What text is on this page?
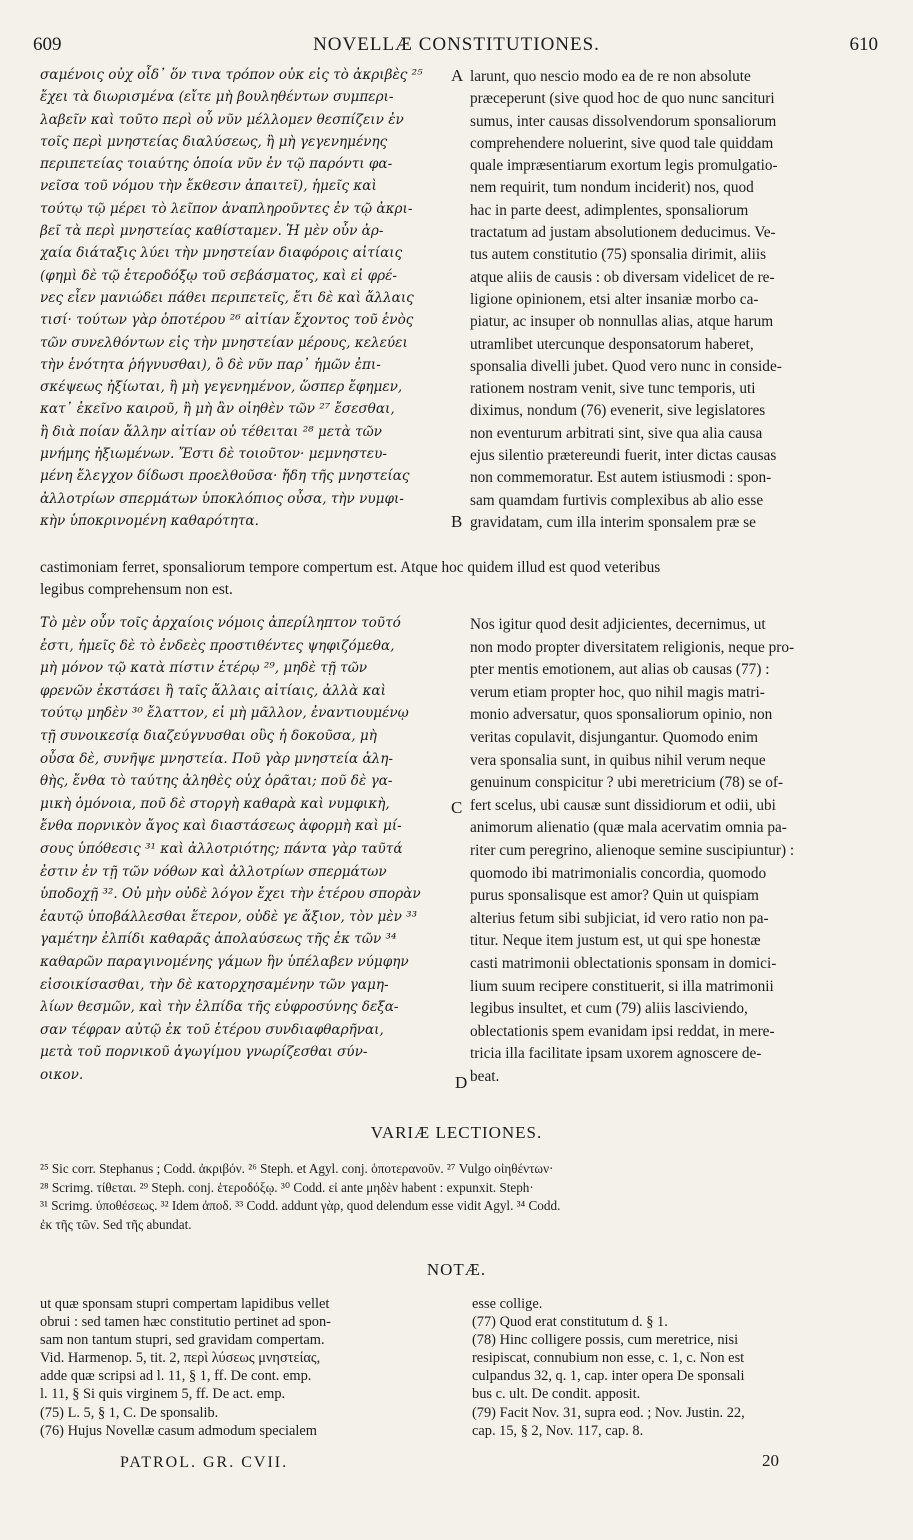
609	NOVELLÆ CONSTITUTIONES.	610
A
B
C
D
σαμένοις οὐχ οἶδ᾽ ὅν τινα τρόπον οὐκ εἰς τὸ ἀκριβὲς ²⁵
ἔχει τὰ διωρισμένα (εἴτε μὴ βουληθέντων συμπερι-
λαβεῖν καὶ τοῦτο περὶ οὗ νῦν μέλλομεν θεσπίζειν ἐν
τοῖς περὶ μνηστείας διαλύσεως, ἢ μὴ γεγενημένης
περιπετείας τοιαύτης ὁποία νῦν ἐν τῷ παρόντι φα-
νεῖσα τοῦ νόμου τὴν ἔκθεσιν ἀπαιτεῖ), ἡμεῖς καὶ
τούτῳ τῷ μέρει τὸ λεῖπον ἀναπληροῦντες ἐν τῷ ἀκρι-
βεῖ τὰ περὶ μνηστείας καθίσταμεν. Ἡ μὲν οὖν ἀρ-
χαία διάταξις λύει τὴν μνηστείαν διαφόροις αἰτίαις
(φημὶ δὲ τῷ ἑτεροδόξῳ τοῦ σεβάσματος, καὶ εἰ φρέ-
νες εἶεν μανιώδει πάθει περιπετεῖς, ἔτι δὲ καὶ ἄλλαις
τισί· τούτων γὰρ ὁποτέρου ²⁶ αἰτίαν ἔχοντος τοῦ ἑνὸς
τῶν συνελθόντων εἰς τὴν μνηστείαν μέρους, κελεύει
τὴν ἑνότητα ῥήγνυσθαι), ὃ δὲ νῦν παρ᾽ ἡμῶν ἐπι-
σκέψεως ἠξίωται, ἢ μὴ γεγενημένον, ὥσπερ ἔφημεν,
κατ᾽ ἐκεῖνο καιροῦ, ἢ μὴ ἂν οἰηθὲν τῶν ²⁷ ἔσεσθαι,
ἢ διὰ ποίαν ἄλλην αἰτίαν οὐ τέθειται ²⁸ μετὰ τῶν
μνήμης ἠξιωμένων. Ἔστι δὲ τοιοῦτον· μεμνηστευ-
μένη ἔλεγχον δίδωσι προελθοῦσα· ἤδη τῆς μνηστείας
ἀλλοτρίων σπερμάτων ὑποκλόπιος οὖσα, τὴν νυμφι-
κὴν ὑποκρινομένη καθαρότητα.
larunt, quo nescio modo ea de re non absolute
præceperunt (sive quod hoc de quo nunc sanciturі
sumus, inter causas dissolvendorum sponsaliorum
comprehendere noluerint, sive quod tale quiddam
quale impræsentiarum exortum legis promulgatio-
nem requirit, tum nondum inciderit) nos, quod
hac in parte deest, adimplentes, sponsaliorum
tractatum ad justam absolutionem deducimus. Ve-
tus autem constitutio (75) sponsalia dirimit, aliis
atque aliis de causis : ob diversam videlicet de re-
ligione opinionem, etsi alter insaniæ morbo ca-
piatur, ac insuper ob nonnullas alias, atque harum
utramlibet utercunque desponsatorum haberet,
sponsalia divelli jubet. Quod vero nunc in conside-
rationem nostram venit, sive tunc temporis, uti
diximus, nondum (76) evenerit, sive legislatores
non eventurum arbitrati sint, sive qua alia causa
ejus silentio prætereundi fuerit, inter dictas causas
non commemoratur. Est autem istiusmodi : spon-
sam quamdam furtivis complexibus ab alio esse
gravidatam, cum illa interim sponsalem præ se
castimoniam ferret, sponsaliorum tempore compertum est. Atque hoc quidem illud est quod veteribus
legibus comprehensum non est.
Τὸ μὲν οὖν τοῖς ἀρχαίοις νόμοις ἀπερίληπτον τοῦτό
ἐστι, ἡμεῖς δὲ τὸ ἐνδεὲς προστιθέντες ψηφιζόμεθα,
μὴ μόνον τῷ κατὰ πίστιν ἑτέρῳ ²⁹, μηδὲ τῇ τῶν
φρενῶν ἐκστάσει ἢ ταῖς ἄλλαις αἰτίαις, ἀλλὰ καὶ
τούτῳ μηδὲν ³⁰ ἔλαττον, εἰ μὴ μᾶλλον, ἐναντιουμένῳ
τῇ συνοικεσίᾳ διαζεύγνυσθαι οὓς ἡ δοκοῦσα, μὴ
οὖσα δὲ, συνῆψε μνηστεία. Ποῦ γὰρ μνηστεία ἀλη-
θὴς, ἔνθα τὸ ταύτης ἀληθὲς οὐχ ὁρᾶται; ποῦ δὲ γα-
μικὴ ὁμόνοια, ποῦ δὲ στοργὴ καθαρὰ καὶ νυμφικὴ,
ἔνθα πορνικὸν ἄγος καὶ διαστάσεως ἀφορμὴ καὶ μί-
σους ὑπόθεσις ³¹ καὶ ἀλλοτριότης; πάντα γὰρ ταῦτά
ἐστιν ἐν τῇ τῶν νόθων καὶ ἀλλοτρίων σπερμάτων
ὑποδοχῇ ³². Οὐ μὴν οὐδὲ λόγον ἔχει τὴν ἑτέρου σπορὰν
ἑαυτῷ ὑποβάλλεσθαι ἕτερον, οὐδὲ γε ἄξιον, τὸν μὲν ³³
γαμέτην ἐλπίδι καθαρᾶς ἀπολαύσεως τῆς ἐκ τῶν ³⁴
καθαρῶν παραγινομένης γάμων ἣν ὑπέλαβεν νύμφην
εἰσοικίσασθαι, τὴν δὲ κατορχησαμένην τῶν γαμη-
λίων θεσμῶν, καὶ τὴν ἐλπίδα τῆς εὐφροσύνης δεξα-
σαν τέφραν αὐτῷ ἐκ τοῦ ἑτέρου συνδιαφθαρῆναι,
μετὰ τοῦ πορνικοῦ ἀγωγίμου γνωρίζεσθαι σύν-
οικον.
Nos igitur quod desit adjicientes, decernimus, ut
non modo propter diversitatem religionis, neque pro-
pter mentis emotionem, aut alias ob causas (77) :
verum etiam propter hoc, quo nihil magis matri-
monio adversatur, quos sponsaliorum opinio, non
veritas copulavit, disjungantur. Quomodo enim
vera sponsalia sunt, in quibus nihil verum neque
genuinum conspicitur ? ubi meretricium (78) se of-
fert scelus, ubi causæ sunt dissidiorum et odii, ubi
animorum alienatio (quæ mala acervatim omnia pa-
riter cum peregrino, alienoque semine suscipiuntur) :
quomodo ibi matrimonialis concordia, quomodo
purus sponsalisque est amor? Quin ut quispiam
alterius fetum sibi subjiciat, id vero ratio non pa-
titur. Neque item justum est, ut qui spe honestæ
casti matrimonii oblectationis sponsam in domici-
lium suum recipere constituerit, si illa matrimonii
legibus insultet, et cum (79) aliis lasciviendo,
oblectationis spem evanidam ipsi reddat, in mere-
tricia illa facilitate ipsam uxorem agnoscere de-
beat.
VARIÆ LECTIONES.
²⁵ Sic corr. Stephanus ; Codd. ἀκριβόν. ²⁶ Steph. et Agyl. conj. ὁποτερανοῦν. ²⁷ Vulgo οἰηθέντων·
²⁸ Scrimg. τίθεται. ²⁹ Steph. conj. ἑτεροδόξῳ. ³⁰ Codd. εἰ ante μηδὲν habent : expunxit. Steph·
³¹ Scrimg. ὑποθέσεως. ³² Idem ἀποδ. ³³ Codd. addunt γὰρ, quod delendum esse vidit Agyl. ³⁴ Codd.
ἐκ τῆς τῶν. Sed τῆς abundat.
NOTÆ.
ut quæ sponsam stupri compertam lapidibus vellet
obrui : sed tamen hæc constitutio pertinet ad spon-
sam non tantum stupri, sed gravidam compertam.
Vid. Harmenop. 5, tit. 2, περὶ λύσεως μνηστείας,
adde quæ scripsi ad l. 11, § 1, ff. De cont. emp.
l. 11, § Si quis virginem 5, ff. De act. emp.
(75) L. 5, § 1, C. De sponsalib.
(76) Hujus Novellæ casum admodum specialem
esse collige.
(77) Quod erat constitutum d. § 1.
(78) Hinc colligere possis, cum meretrice, nisi
resipiscat, connubium non esse, c. 1, c. Non est
culpandus 32, q. 1, cap. inter opera De sponsali
bus c. ult. De condit. apposit.
(79) Facit Nov. 31, supra eod. ; Nov. Justin. 22,
cap. 15, § 2, Nov. 117, cap. 8.
PATROL. GR. CVII.	20
